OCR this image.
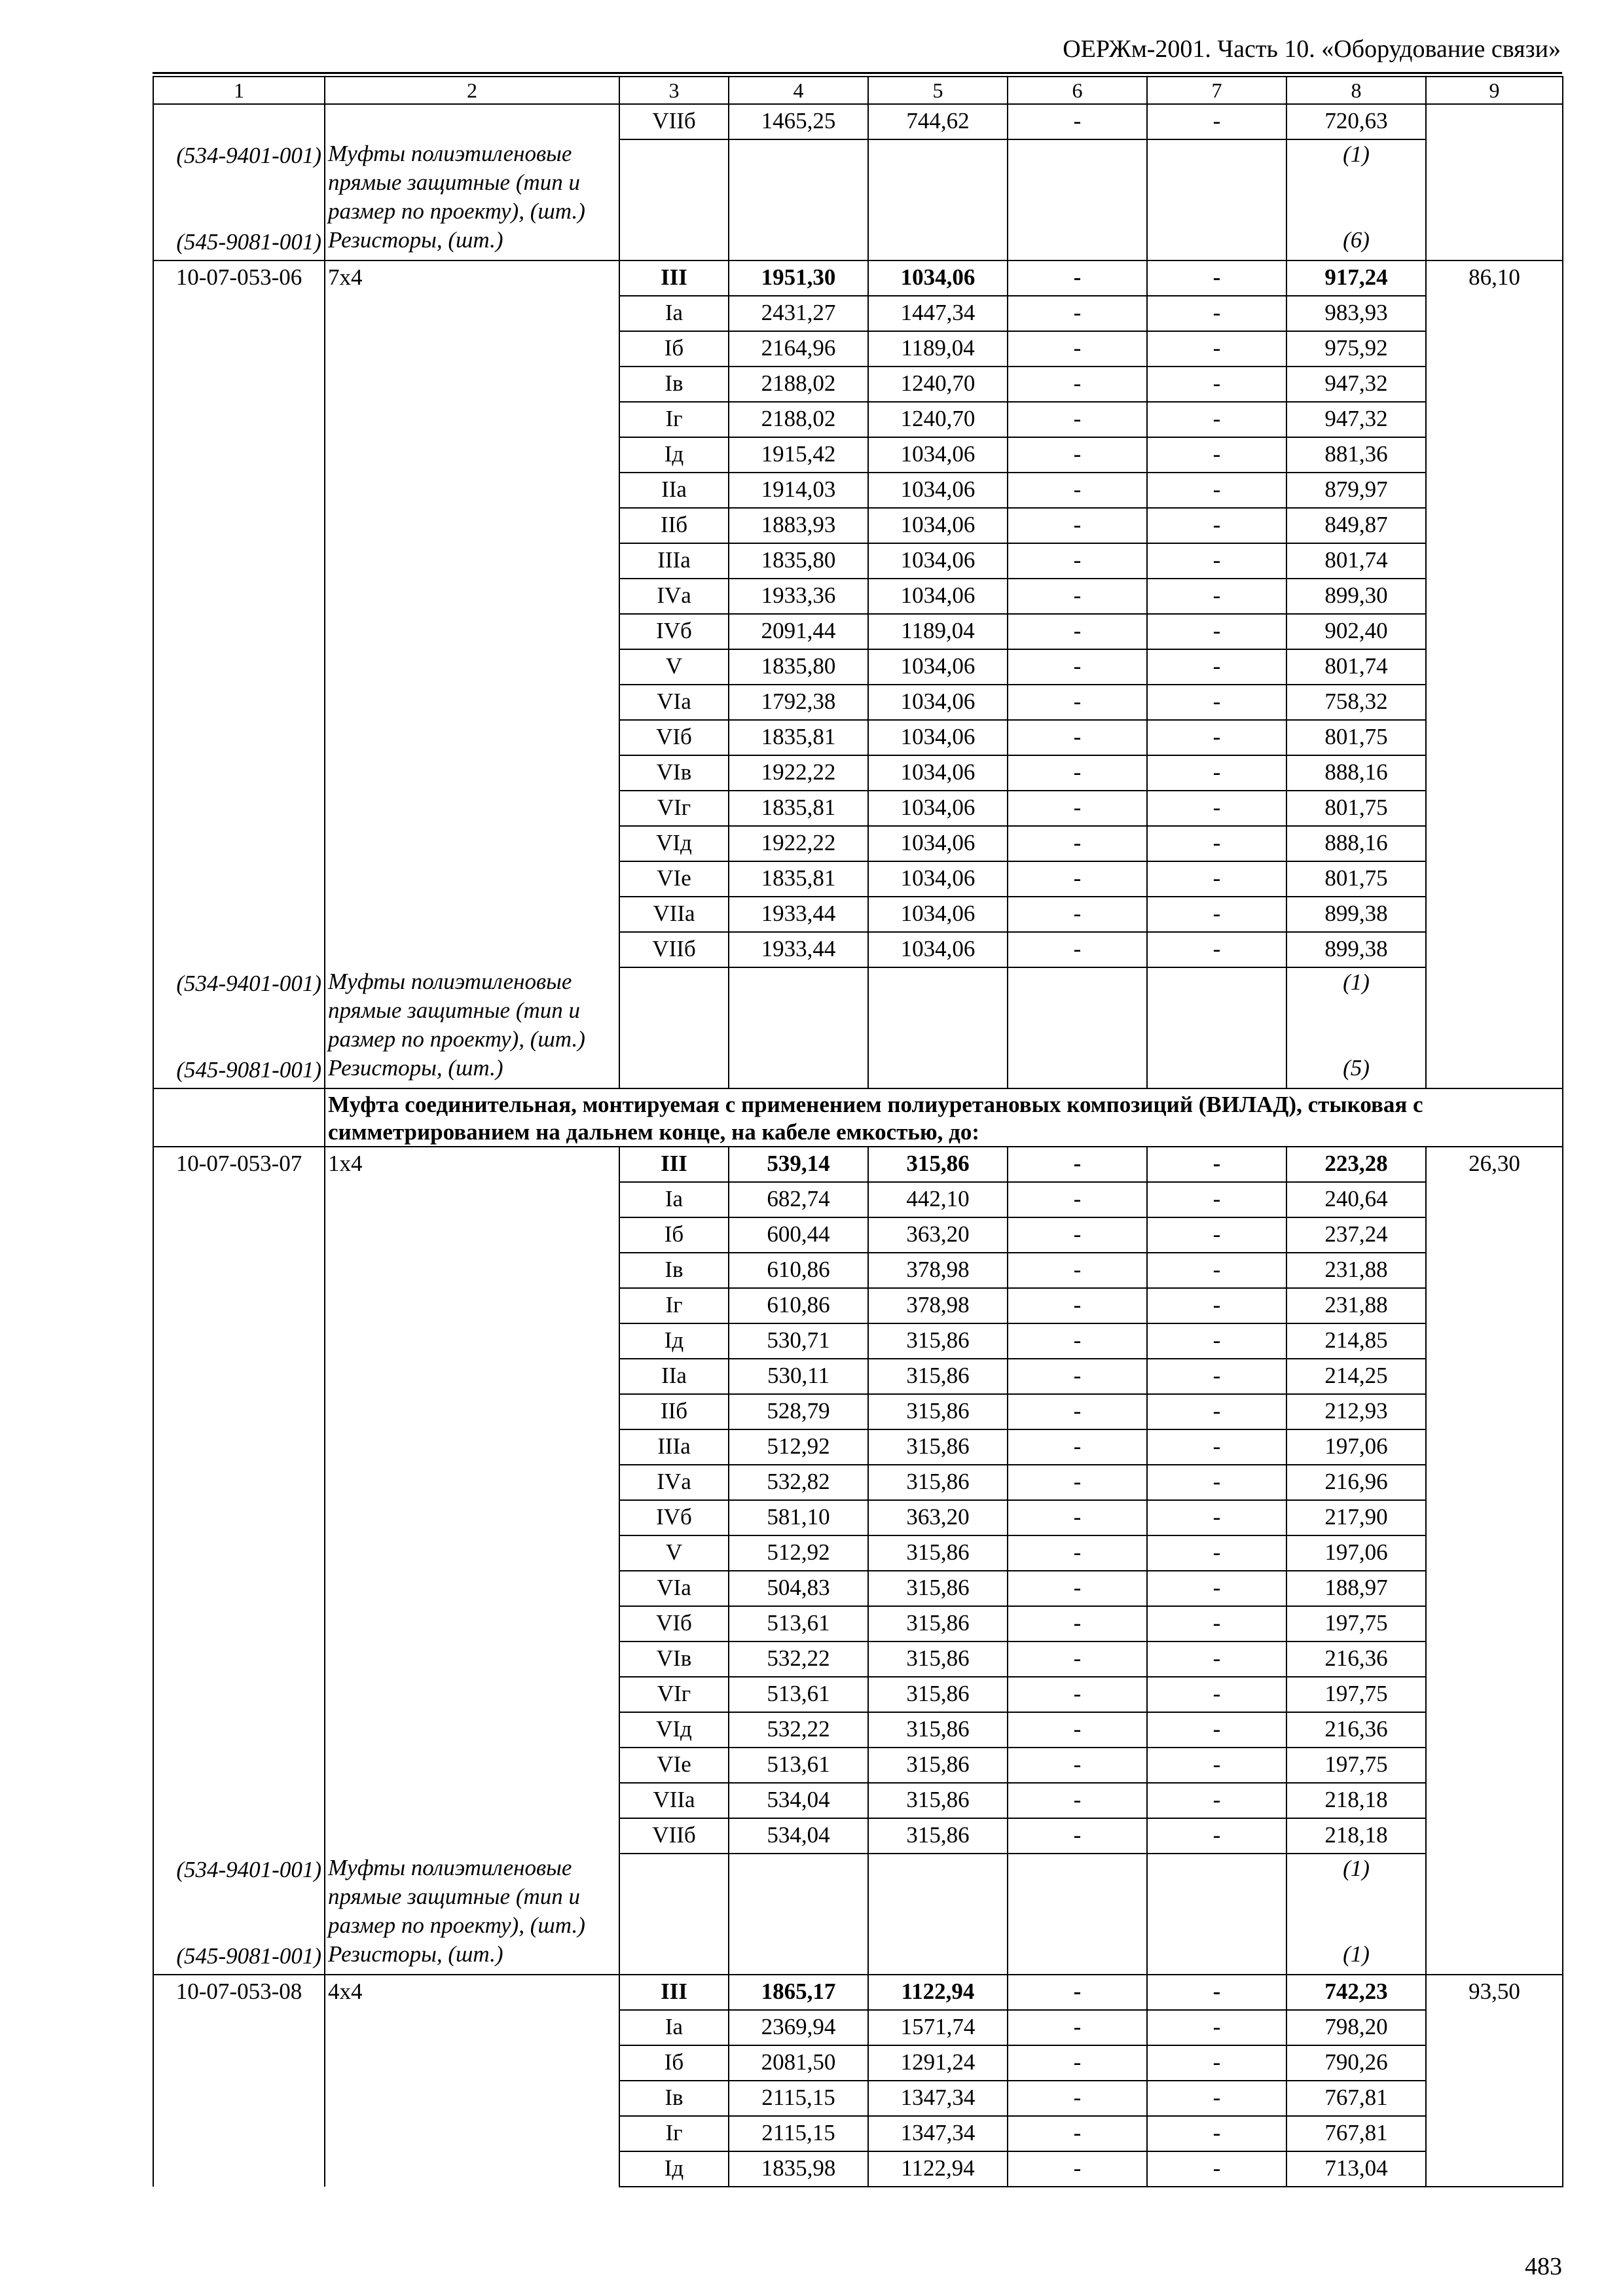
ОЕРЖм-2001. Часть 10. «Оборудование связи»
1	2	3	4	5	6	7	8	9
		VIIб	1465,25	744,62	-	-	720,63	
(534-9401-001)	Муфты полиэтиленовые прямые защитные (тип и размер по проекту), (шт.)						(1)	
(545-9081-001)	Резисторы, (шт.)						(6)	
10-07-053-06	7x4	III	1951,30	1034,06	-	-	917,24	86,10
		Iа	2431,27	1447,34	-	-	983,93	
		Iб	2164,96	1189,04	-	-	975,92	
		Iв	2188,02	1240,70	-	-	947,32	
		Iг	2188,02	1240,70	-	-	947,32	
		Iд	1915,42	1034,06	-	-	881,36	
		IIа	1914,03	1034,06	-	-	879,97	
		IIб	1883,93	1034,06	-	-	849,87	
		IIIа	1835,80	1034,06	-	-	801,74	
		IVа	1933,36	1034,06	-	-	899,30	
		IVб	2091,44	1189,04	-	-	902,40	
		V	1835,80	1034,06	-	-	801,74	
		VIа	1792,38	1034,06	-	-	758,32	
		VIб	1835,81	1034,06	-	-	801,75	
		VIв	1922,22	1034,06	-	-	888,16	
		VIг	1835,81	1034,06	-	-	801,75	
		VIд	1922,22	1034,06	-	-	888,16	
		VIе	1835,81	1034,06	-	-	801,75	
		VIIа	1933,44	1034,06	-	-	899,38	
		VIIб	1933,44	1034,06	-	-	899,38	
(534-9401-001)	Муфты полиэтиленовые прямые защитные (тип и размер по проекту), (шт.)						(1)	
(545-9081-001)	Резисторы, (шт.)						(5)	
	Муфта соединительная, монтируемая с применением полиуретановых композиций (ВИЛАД), стыковая с симметрированием на дальнем конце, на кабеле емкостью, до:							
10-07-053-07	1x4	III	539,14	315,86	-	-	223,28	26,30
		Iа	682,74	442,10	-	-	240,64	
		Iб	600,44	363,20	-	-	237,24	
		Iв	610,86	378,98	-	-	231,88	
		Iг	610,86	378,98	-	-	231,88	
		Iд	530,71	315,86	-	-	214,85	
		IIа	530,11	315,86	-	-	214,25	
		IIб	528,79	315,86	-	-	212,93	
		IIIа	512,92	315,86	-	-	197,06	
		IVа	532,82	315,86	-	-	216,96	
		IVб	581,10	363,20	-	-	217,90	
		V	512,92	315,86	-	-	197,06	
		VIа	504,83	315,86	-	-	188,97	
		VIб	513,61	315,86	-	-	197,75	
		VIв	532,22	315,86	-	-	216,36	
		VIг	513,61	315,86	-	-	197,75	
		VIд	532,22	315,86	-	-	216,36	
		VIе	513,61	315,86	-	-	197,75	
		VIIа	534,04	315,86	-	-	218,18	
		VIIб	534,04	315,86	-	-	218,18	
(534-9401-001)	Муфты полиэтиленовые прямые защитные (тип и размер по проекту), (шт.)						(1)	
(545-9081-001)	Резисторы, (шт.)						(1)	
10-07-053-08	4x4	III	1865,17	1122,94	-	-	742,23	93,50
		Iа	2369,94	1571,74	-	-	798,20	
		Iб	2081,50	1291,24	-	-	790,26	
		Iв	2115,15	1347,34	-	-	767,81	
		Iг	2115,15	1347,34	-	-	767,81	
		Iд	1835,98	1122,94	-	-	713,04	
483
